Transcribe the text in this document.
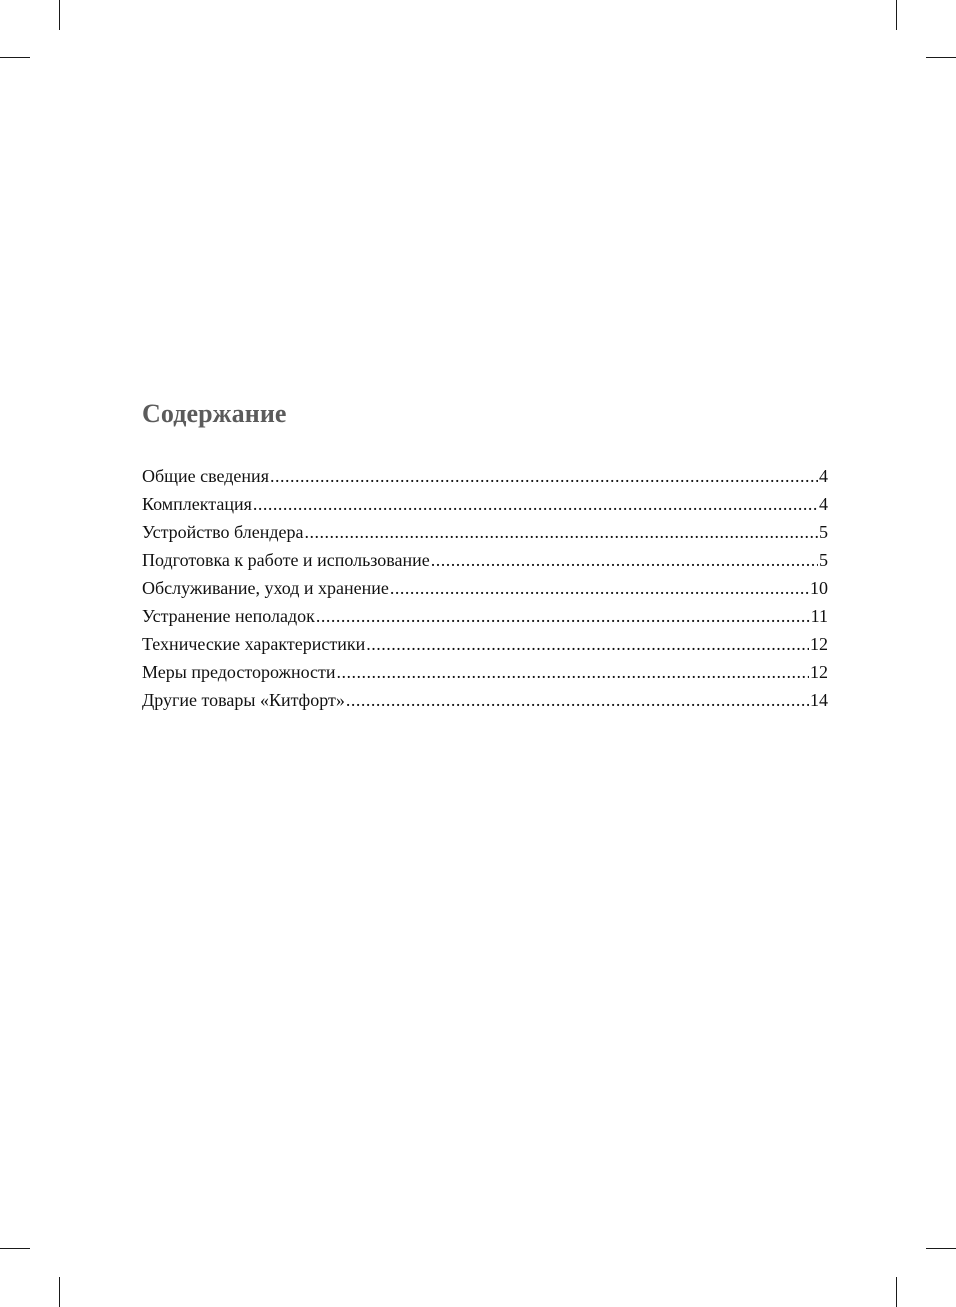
Содержание
Общие сведения .....	4
Комплектация .....	4
Устройство блендера .....	5
Подготовка к работе и использование .....	5
Обслуживание, уход и хранение .....	10
Устранение неполадок .....	11
Технические характеристики .....	12
Меры предосторожности .....	12
Другие товары «Китфорт» .....	14
